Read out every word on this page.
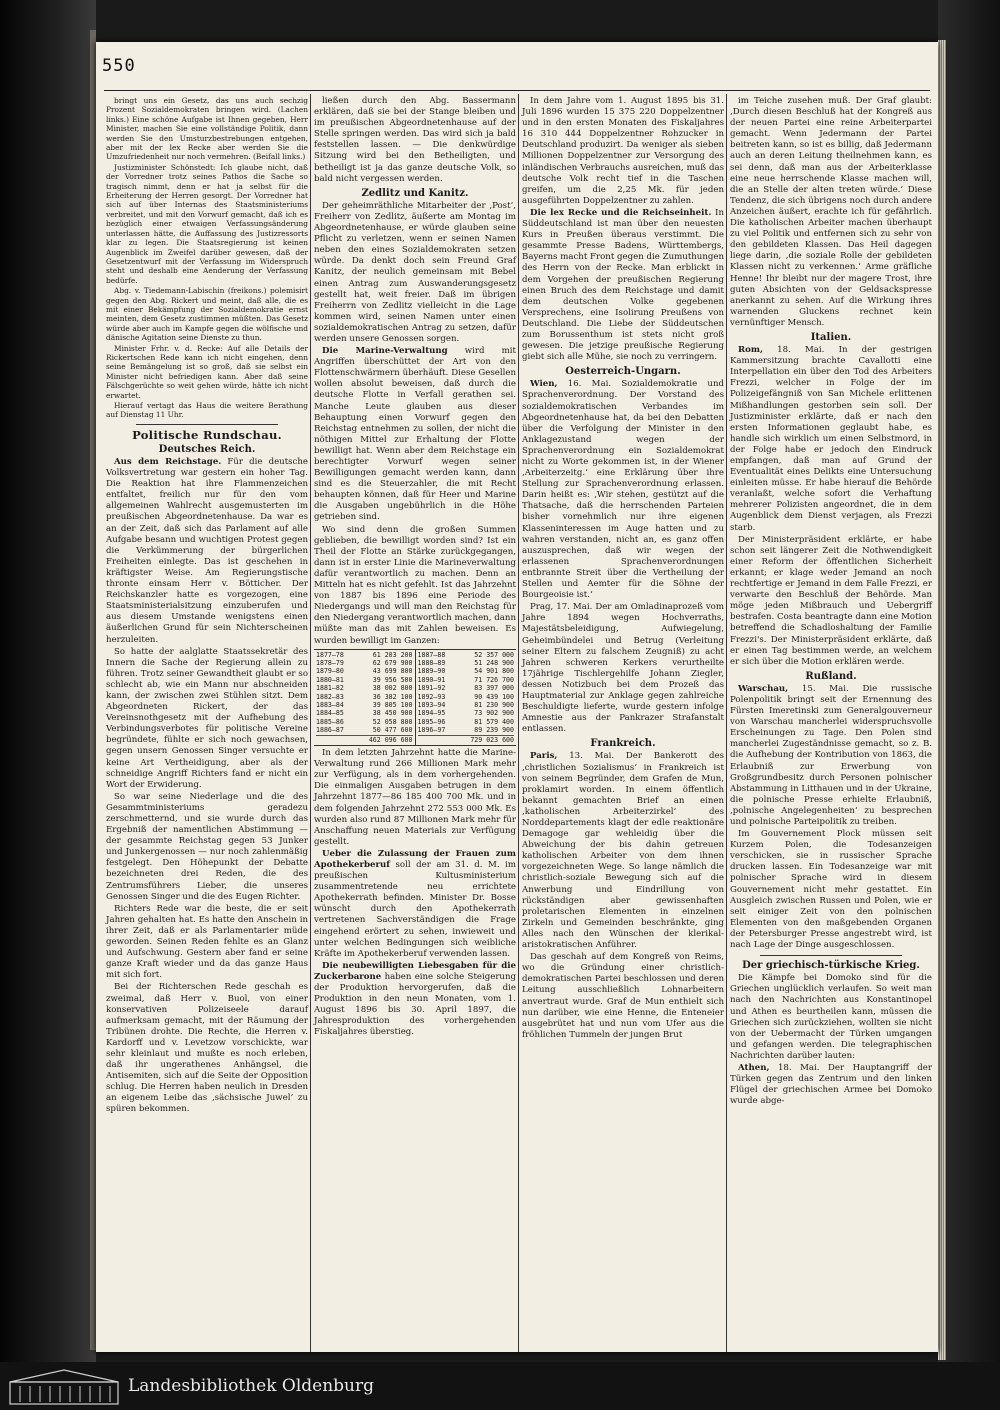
550

bringt uns ein Gesetz, das uns auch sechzig Prozent Sozialdemokraten bringen wird. (Lachen links.) Eine schöne Aufgabe ist Ihnen gegeben, Herr Minister, machen Sie eine vollständige Politik, dann werden Sie den Umsturzbestrebungen entgehen, aber mit der lex Recke aber werden Sie die Umzufriedenheit nur noch vermehren. (Beifall links.)

Justizminister Schönstedt: Ich glaube nicht, daß der Vorredner trotz seines Pathos die Sache so tragisch nimmt, denn er hat ja selbst für die Erheiterung der Herren gesorgt. Der Vorredner hat sich auf über Internas des Staatsministeriums verbreitet, und mit den Vorwurf gemacht, daß ich es bezüglich einer etwaigen Verfassungsänderung unterlassen hätte, die Auffassung des Justizressorts klar zu legen. Die Staatsregierung ist keinen Augenblick im Zweifel darüber gewesen, daß der Gesetzentwurf mit der Verfassung im Widerspruch steht und deshalb eine Aenderung der Verfassung bedürfe.

Abg. v. Tiedemann-Labischin (freikons.) polemisirt gegen den Abg. Rickert und meint, daß alle, die es mit einer Bekämpfung der Sozialdemokratie ernst meinten, dem Gesetz zustimmen müßten. Das Gesetz würde aber auch im Kampfe gegen die wölfische und dänische Agitation seine Dienste zu thun.

Minister Frhr. v. d. Recke: Auf alle Details der Rickertschen Rede kann ich nicht eingehen, denn seine Bemängelung ist so groß, daß sie selbst ein Minister nicht befriedigen kann. Aber daß seine Fälschgerüchte so weit gehen würde, hätte ich nicht erwartet.

Hierauf vertagt das Haus die weitere Berathung auf Dienstag 11 Uhr.

Politische Rundschau.
Deutsches Reich.

Aus dem Reichstage. Für die deutsche Volksvertretung war gestern ein hoher Tag. Die Reaktion hat ihre Flammenzeichen entfaltet, freilich nur für den vom allgemeinen Wahlrecht ausgemusterten im preußischen Abgeordnetenhause. Da war es an der Zeit, daß sich das Parlament auf alle Aufgabe besann und wuchtigen Protest gegen die Verkümmerung der bürgerlichen Freiheiten einlegte. Das ist geschehen in kräftigster Weise. Am Regierungstische thronte einsam Herr v. Bötticher. Der Reichskanzler hatte es vorgezogen, eine Staatsministerialsitzung einzuberufen und aus diesem Umstande wenigstens einen äußerlichen Grund für sein Nichterscheinen herzuleiten.

So hatte der aalglatte Staatssekretär des Innern die Sache der Regierung allein zu führen. Trotz seiner Gewandtheit glaubt er so schlecht ab, wie ein Mann nur abschneiden kann, der zwischen zwei Stühlen sitzt. Dem Abgeordneten Rickert, der das Vereinsnothgesetz mit der Aufhebung des Verbindungsverbotes für politische Vereine begründete, fühlte er sich noch gewachsen, gegen unsern Genossen Singer versuchte er keine Art Vertheidigung, aber als der schneidige Angriff Richters fand er nicht ein Wort der Erwiderung.

So war seine Niederlage und die des Gesammtministeriums geradezu zerschmetternd, und sie wurde durch das Ergebniß der namentlichen Abstimmung — der gesammte Reichstag gegen 53 Junker und Junkergenossen — nur noch zahlenmäßig festgelegt. Den Höhepunkt der Debatte bezeichneten drei Reden, die des Zentrumsführers Lieber, die unseres Genossen Singer und die des Eugen Richter.

Richters Rede war die beste, die er seit Jahren gehalten hat. Es hatte den Anschein in ihrer Zeit, daß er als Parlamentarier müde geworden. Seinen Reden fehlte es an Glanz und Aufschwung. Gestern aber fand er seine ganze Kraft wieder und da das ganze Haus mit sich fort.

Bei der Richterschen Rede geschah es zweimal, daß Herr v. Buol, von einer konservativen Polizeiseele darauf aufmerksam gemacht, mit der Räumung der Tribünen drohte. Die Rechte, die Herren v. Kardorff und v. Levetzow vorschickte, war sehr kleinlaut und mußte es noch erleben, daß ihr ungerathenes Anhängsel, die Antisemiten, sich auf die Seite der Opposition schlug. Die Herren haben neulich in Dresden an eigenem Leibe das ‚sächsische Juwel‘ zu spüren bekommen.

ließen durch den Abg. Bassermann erklären, daß sie bei der Stange bleiben und im preußischen Abgeordnetenhause auf der Stelle springen werden. Das wird sich ja bald feststellen lassen. — Die denkwürdige Sitzung wird bei den Betheiligten, und betheiligt ist ja das ganze deutsche Volk, so bald nicht vergessen werden.

Zedlitz und Kanitz.

Der geheimräthliche Mitarbeiter der ‚Post‘, Freiherr von Zedlitz, äußerte am Montag im Abgeordnetenhause, er würde glauben seine Pflicht zu verletzen, wenn er seinen Namen neben den eines Sozialdemokraten setzen würde. Da denkt doch sein Freund Graf Kanitz, der neulich gemeinsam mit Bebel einen Antrag zum Auswanderungsgesetz gestellt hat, weit freier. Daß im übrigen Freiherrn von Zedlitz vielleicht in die Lage kommen wird, seinen Namen unter einen sozialdemokratischen Antrag zu setzen, dafür werden unsere Genossen sorgen.

Die Marine-Verwaltung wird mit Angriffen überschüttet der Art von den Flottenschwärmern überhäuft. Diese Gesellen wollen absolut beweisen, daß durch die deutsche Flotte in Verfall gerathen sei. Manche Leute glauben aus dieser Behauptung einen Vorwurf gegen den Reichstag entnehmen zu sollen, der nicht die nöthigen Mittel zur Erhaltung der Flotte bewilligt hat. Wenn aber dem Reichstage ein berechtigter Vorwurf wegen seiner Bewilligungen gemacht werden kann, dann sind es die Steuerzahler, die mit Recht behaupten können, daß für Heer und Marine die Ausgaben ungebührlich in die Höhe getrieben sind.

Wo sind denn die großen Summen geblieben, die bewilligt worden sind? Ist ein Theil der Flotte an Stärke zurückgegangen, dann ist in erster Linie die Marineverwaltung dafür verantwortlich zu machen. Denn an Mitteln hat es nicht gefehlt. Ist das Jahrzehnt von 1887 bis 1896 eine Periode des Niedergangs und will man den Reichstag für den Niedergang verantwortlich machen, dann müßte man das mit Zahlen beweisen. Es wurden bewilligt im Ganzen:

1877—78	61 203 200
1878—79	62 679 900
1879—80	43 699 800
1880—81	39 956 500
1881—82	38 002 800
1882—83	36 382 100
1883—84	39 805 100
1884—85	38 450 900
1885—86	52 058 800
1886—87	50 477 600
462 096 600
1887—88	52 357 000
1888—89	51 248 900
1889—90	54 901 800
1890—91	71 726 700
1891—92	83 397 000
1892—93	90 439 100
1893—94	81 230 900
1894—95	73 902 900
1895—96	81 579 400
1896—97	89 239 900
729 023 600

In dem letzten Jahrzehnt hatte die Marine-Verwaltung rund 266 Millionen Mark mehr zur Verfügung, als in dem vorhergehenden. Die einmaligen Ausgaben betrugen in dem Jahrzehnt 1877—86 185 400 700 Mk. und in dem folgenden Jahrzehnt 272 553 000 Mk. Es wurden also rund 87 Millionen Mark mehr für Anschaffung neuen Materials zur Verfügung gestellt.

Ueber die Zulassung der Frauen zum Apothekerberuf soll der am 31. d. M. im preußischen Kultusministerium zusammentretende neu errichtete Apothekerrath befinden. Minister Dr. Bosse wünscht durch den Apothekerrath vertretenen Sachverständigen die Frage eingehend erörtert zu sehen, inwieweit und unter welchen Bedingungen sich weibliche Kräfte im Apothekerberuf verwenden lassen.

Die neubewilligten Liebesgaben für die Zuckerbarone haben eine solche Steigerung der Produktion hervorgerufen, daß die Produktion in den neun Monaten, vom 1. August 1896 bis 30. April 1897, die Jahresproduktion des vorhergehenden Fiskaljahres überstieg.

In dem Jahre vom 1. August 1895 bis 31. Juli 1896 wurden 15 375 220 Doppelzentner und in den ersten Monaten des Fiskaljahres 16 310 444 Doppelzentner Rohzucker in Deutschland produzirt. Da weniger als sieben Millionen Doppelzentner zur Versorgung des inländischen Verbrauchs ausreichen, muß das deutsche Volk recht tief in die Taschen greifen, um die 2,25 Mk. für jeden ausgeführten Doppelzentner zu zahlen.

Die lex Recke und die Reichseinheit. In Süddeutschland ist man über den neuesten Kurs in Preußen überaus verstimmt. Die gesammte Presse Badens, Württembergs, Bayerns macht Front gegen die Zumuthungen des Herrn von der Recke. Man erblickt in dem Vorgehen der preußischen Regierung einen Bruch des dem Reichstage und damit dem deutschen Volke gegebenen Versprechens, eine Isolirung Preußens von Deutschland. Die Liebe der Süddeutschen zum Borussenthum ist stets nicht groß gewesen. Die jetzige preußische Regierung giebt sich alle Mühe, sie noch zu verringern.

Oesterreich-Ungarn.

Wien, 16. Mai. Sozialdemokratie und Sprachenverordnung. Der Vorstand des sozialdemokratischen Verbandes im Abgeordnetenhause hat, da bei den Debatten über die Verfolgung der Minister in den Anklagezustand wegen der Sprachenverordnung ein Sozialdemokrat nicht zu Worte gekommen ist, in der Wiener ‚Arbeiterzeitg.‘ eine Erklärung über ihre Stellung zur Sprachenverordnung erlassen. Darin heißt es: ‚Wir stehen, gestützt auf die Thatsache, daß die herrschenden Parteien bisher vornehmlich nur ihre eigenen Klasseninteressen im Auge hatten und zu wahren verstanden, nicht an, es ganz offen auszusprechen, daß wir wegen der erlassenen Sprachenverordnungen entbrannte Streit über die Vertheilung der Stellen und Aemter für die Söhne der Bourgeoisie ist.‘

Prag, 17. Mai. Der am Omladinaprozeß vom Jahre 1894 wegen Hochverraths, Majestätsbeleidigung, Aufwiegelung, Geheimbündelei und Betrug (Verleitung seiner Eltern zu falschem Zeugniß) zu acht Jahren schweren Kerkers verurtheilte 17jährige Tischlergehilfe Johann Ziegler, dessen Notizbuch bei dem Prozeß das Hauptmaterial zur Anklage gegen zahlreiche Beschuldigte lieferte, wurde gestern infolge Amnestie aus der Pankrazer Strafanstalt entlassen.

Frankreich.

Paris, 13. Mai. Der Bankerott des ‚christlichen Sozialismus‘ in Frankreich ist von seinem Begründer, dem Grafen de Mun, proklamirt worden. In einem öffentlich bekannt gemachten Brief an einen ‚katholischen Arbeiterzirkel‘ des Norddepartements klagt der edle reaktionäre Demagoge gar wehleidig über die Abweichung der bis dahin getreuen katholischen Arbeiter von dem ihnen vorgezeichneten Wege. So lange nämlich die christlich-soziale Bewegung sich auf die Anwerbung und Eindrillung von rückständigen aber gewissenhaften proletarischen Elementen in einzelnen Zirkeln und Gemeinden beschränkte, ging Alles nach den Wünschen der klerikal-aristokratischen Anführer.

Das geschah auf dem Kongreß von Reims, wo die Gründung einer christlich-demokratischen Partei beschlossen und deren Leitung ausschließlich Lohnarbeitern anvertraut wurde. Graf de Mun enthielt sich nun darüber, wie eine Henne, die Enteneier ausgebrütet hat und nun vom Ufer aus die fröhlichen Tummeln der jungen Brut

im Teiche zusehen muß. Der Graf glaubt: ‚Durch diesen Beschluß hat der Kongreß aus der neuen Partei eine reine Arbeiterpartei gemacht. Wenn Jedermann der Partei beitreten kann, so ist es billig, daß Jedermann auch an deren Leitung theilnehmen kann, es sei denn, daß man aus der Arbeiterklasse eine neue herrschende Klasse machen will, die an Stelle der alten treten würde.‘ Diese Tendenz, die sich übrigens noch durch andere Anzeichen äußert, erachte ich für gefährlich. Die katholischen Arbeiter machen überhaupt zu viel Politik und entfernen sich zu sehr von den gebildeten Klassen. Das Heil dagegen liege darin, ‚die soziale Rolle der gebildeten Klassen nicht zu verkennen.‘ Arme gräfliche Henne! Ihr bleibt nur der magere Trost, ihre guten Absichten von der Geldsackspresse anerkannt zu sehen. Auf die Wirkung ihres warnenden Gluckens rechnet kein vernünftiger Mensch.

Italien.

Rom, 18. Mai. In der gestrigen Kammersitzung brachte Cavallotti eine Interpellation ein über den Tod des Arbeiters Frezzi, welcher in Folge der im Polizeigefängniß von San Michele erlittenen Mißhandlungen gestorben sein soll. Der Justizminister erklärte, daß er nach den ersten Informationen geglaubt habe, es handle sich wirklich um einen Selbstmord, in der Folge habe er jedoch den Eindruck empfangen, daß man auf Grund der Eventualität eines Delikts eine Untersuchung einleiten müsse. Er habe hierauf die Behörde veranlaßt, welche sofort die Verhaftung mehrerer Polizisten angeordnet, die in dem Augenblick dem Dienst verjagen, als Frezzi starb.

Der Ministerpräsident erklärte, er habe schon seit längerer Zeit die Nothwendigkeit einer Reform der öffentlichen Sicherheit erkannt; er klage weder Jemand an noch rechtfertige er Jemand in dem Falle Frezzi, er verwarte den Beschluß der Behörde. Man möge jeden Mißbrauch und Uebergriff bestrafen. Costa beantragte dann eine Motion betreffend die Schadloshaltung der Familie Frezzi's. Der Ministerpräsident erklärte, daß er einen Tag bestimmen werde, an welchem er sich über die Motion erklären werde.

Rußland.

Warschau, 15. Mai. Die russische Polenpolitik bringt seit der Ernennung des Fürsten Imeretinski zum Generalgouverneur von Warschau mancherlei widerspruchsvolle Erscheinungen zu Tage. Den Polen sind mancherlei Zugeständnisse gemacht, so z. B. die Aufhebung der Kontribution von 1863, die Erlaubniß zur Erwerbung von Großgrundbesitz durch Personen polnischer Abstammung in Litthauen und in der Ukraine, die polnische Presse erhielte Erlaubniß, ‚polnische Angelegenheiten‘ zu besprechen und polnische Parteipolitik zu treiben.

Im Gouvernement Plock müssen seit Kurzem Polen, die Todesanzeigen verschicken, sie in russischer Sprache drucken lassen. Ein Todesanzeige war mit polnischer Sprache wird in diesem Gouvernement nicht mehr gestattet. Ein Ausgleich zwischen Russen und Polen, wie er seit einiger Zeit von den polnischen Elementen von den maßgebenden Organen der Petersburger Presse angestrebt wird, ist nach Lage der Dinge ausgeschlossen.

Der griechisch-türkische Krieg.

Die Kämpfe bei Domoko sind für die Griechen unglücklich verlaufen. So weit man nach den Nachrichten aus Konstantinopel und Athen es beurtheilen kann, müssen die Griechen sich zurückziehen, wollten sie nicht von der Uebermacht der Türken umgangen und gefangen werden. Die telegraphischen Nachrichten darüber lauten:

Athen, 18. Mai. Der Hauptangriff der Türken gegen das Zentrum und den linken Flügel der griechischen Armee bei Domoko wurde abge-

Landesbibliothek Oldenburg
